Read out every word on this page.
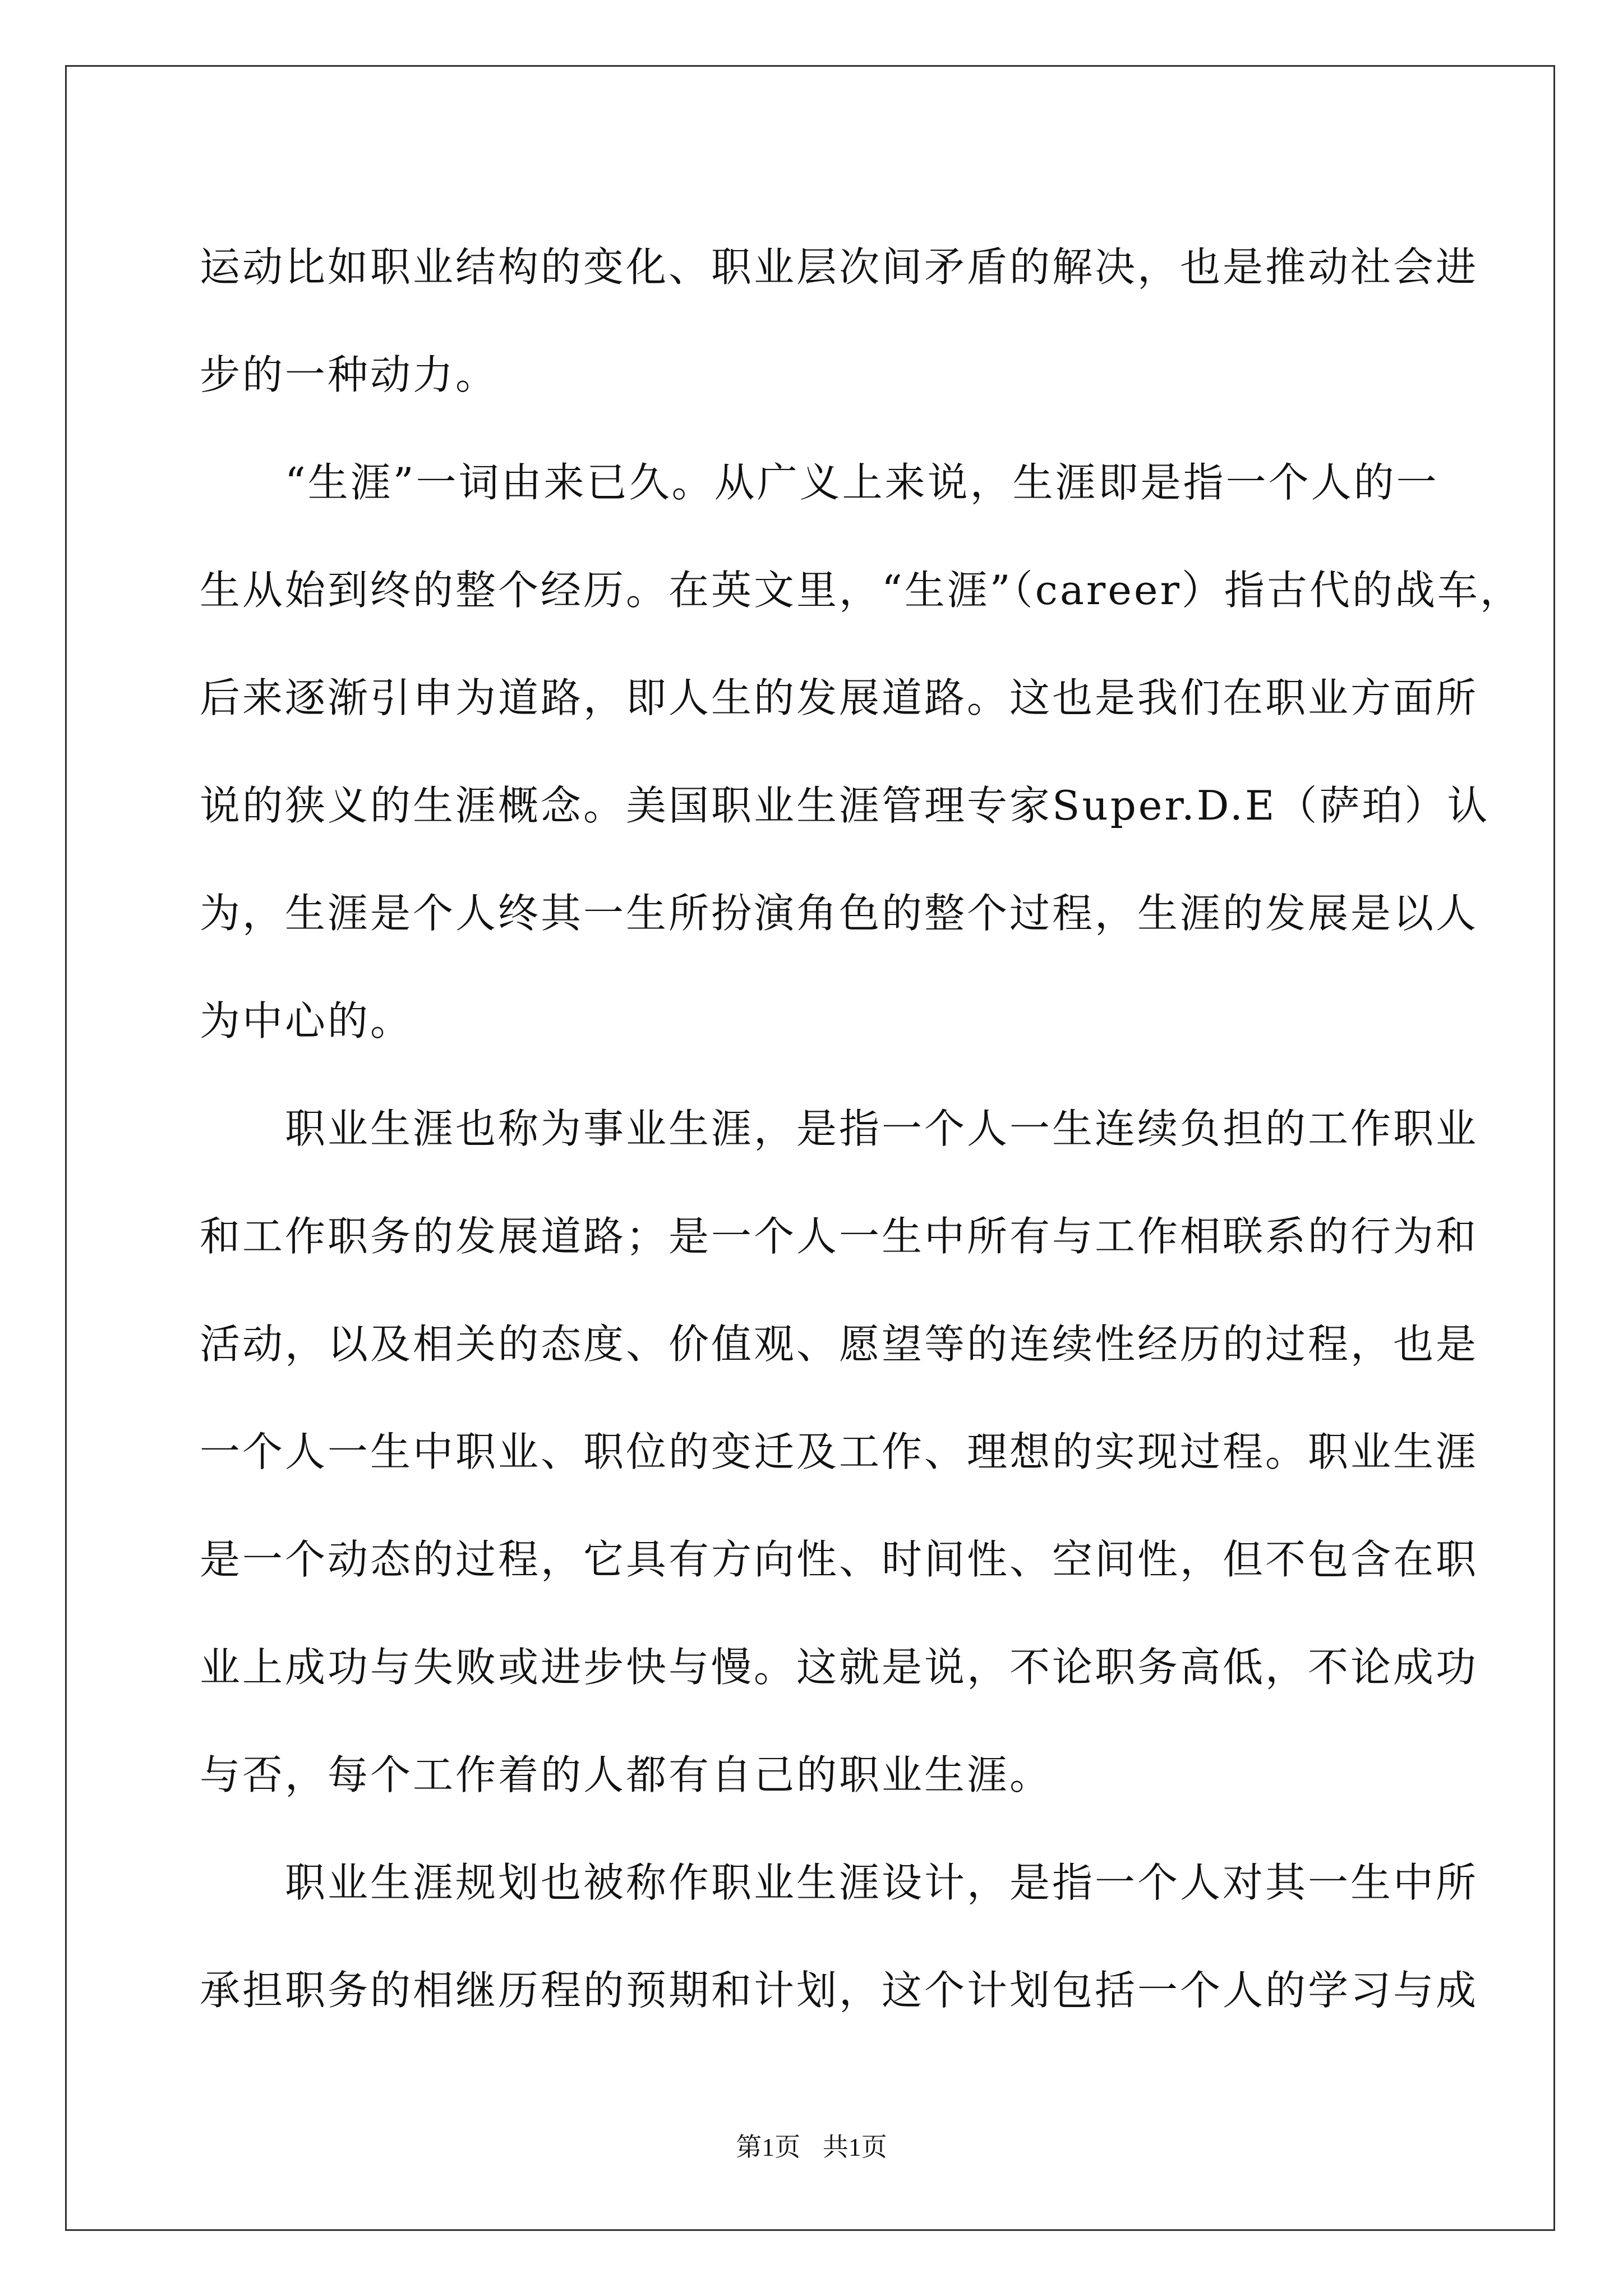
运动比如职业结构的变化、职业层次间矛盾的解决，也是推动社会进
步的一种动力。
　　“生涯”一词由来已久。从广义上来说，生涯即是指一个人的一
生从始到终的整个经历。在英文里，“生涯”（career）指古代的战车，
后来逐渐引申为道路，即人生的发展道路。这也是我们在职业方面所
说的狭义的生涯概念。美国职业生涯管理专家Super.D.E（萨珀）认
为，生涯是个人终其一生所扮演角色的整个过程，生涯的发展是以人
为中心的。
　　职业生涯也称为事业生涯，是指一个人一生连续负担的工作职业
和工作职务的发展道路；是一个人一生中所有与工作相联系的行为和
活动，以及相关的态度、价值观、愿望等的连续性经历的过程，也是
一个人一生中职业、职位的变迁及工作、理想的实现过程。职业生涯
是一个动态的过程，它具有方向性、时间性、空间性，但不包含在职
业上成功与失败或进步快与慢。这就是说，不论职务高低，不论成功
与否，每个工作着的人都有自己的职业生涯。
　　职业生涯规划也被称作职业生涯设计，是指一个人对其一生中所
承担职务的相继历程的预期和计划，这个计划包括一个人的学习与成
第1页 共1页
